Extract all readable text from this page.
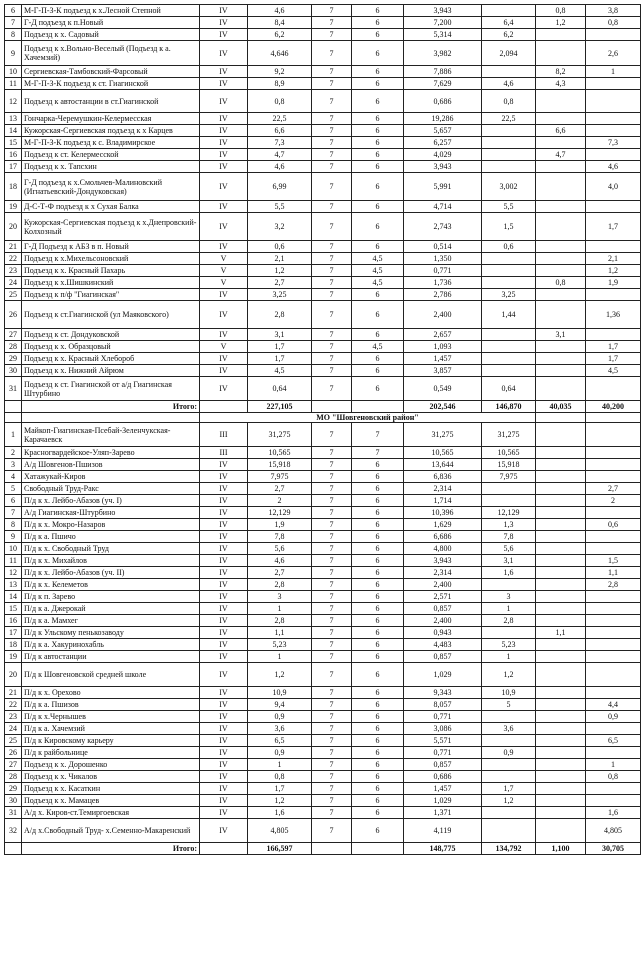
6	М-Г-П-З-К подъезд к х.Лесной Степной	IV	4,6	7	6	3,943		0,8	3,8
7	Г-Д подъезд к п.Новый	IV	8,4	7	6	7,200	6,4	1,2	0,8
8	Подъезд к х. Садовый	IV	6,2	7	6	5,314	6,2		
9	Подъезд к х.Вольно-Веселый (Подъезд к а. Хачемзий)	IV	4,646	7	6	3,982	2,094		2,6
10	Сергиевская-Тамбовский-Фарсовый	IV	9,2	7	6	7,886		8,2	1
11	М-Г-П-З-К подъезд к ст. Гиагинской	IV	8,9	7	6	7,629	4,6	4,3	
12	Подъезд к автостанции в ст.Гиагинской	IV	0,8	7	6	0,686	0,8		
13	Гончарка-Черемушкин-Келермесская	IV	22,5	7	6	19,286	22,5		
14	Кужорская-Сергиевская подъезд к х Карцев	IV	6,6	7	6	5,657		6,6	
15	М-Г-П-З-К подъезд к с. Владимирское	IV	7,3	7	6	6,257			7,3
16	Подъезд к ст. Келермесской	IV	4,7	7	6	4,029		4,7	
17	Подъезд к х. Тапсхин	IV	4,6	7	6	3,943			4,6
18	Г-Д подъезд к х.Смольчев-Малиновский (Игнатьевский-Дондуковская)	IV	6,99	7	6	5,991	3,002		4,0
19	Д-С-Т-Ф подъезд к х Сухая Балка	IV	5,5	7	6	4,714	5,5		
20	Кужорская-Сергиевская подъезд к х.Днепровский-Колхозный	IV	3,2	7	6	2,743	1,5		1,7
21	Г-Д Подъезд к АБЗ в п. Новый	IV	0,6	7	6	0,514	0,6		
22	Подъезд к х.Михельсоновский	V	2,1	7	4,5	1,350			2,1
23	Подъезд к х. Красный Пахарь	V	1,2	7	4,5	0,771			1,2
24	Подъезд к х.Шишкинский	V	2,7	7	4,5	1,736		0,8	1,9
25	Подъезд к п/ф "Гиагинская"	IV	3,25	7	6	2,786	3,25		
26	Подъезд к ст.Гиагинской (ул Маяковского)	IV	2,8	7	6	2,400	1,44		1,36
27	Подъезд к ст. Дондуковской	IV	3,1	7	6	2,657		3,1	
28	Подъезд к х. Образцовый	V	1,7	7	4,5	1,093			1,7
29	Подъезд к х. Красный Хлебороб	IV	1,7	7	6	1,457			1,7
30	Подъезд к х. Нижний Айрюм	IV	4,5	7	6	3,857			4,5
31	Подъезд к ст. Гиагинской от а/д Гиагинская Штурбино	IV	0,64	7	6	0,549	0,64		
	Итого:		227,105			202,546	146,870	40,035	40,200
		МО "Шовгеновский район"							
1	Майкоп-Гиагинская-Псебай-Зеленчукская-Карачаевск	III	31,275	7	7	31,275	31,275		
2	Красногвардейское-Уляп-Зарево	III	10,565	7	7	10,565	10,565		
3	А/д Шовгенов-Пшизов	IV	15,918	7	6	13,644	15,918		
4	Хатажукай-Киров	IV	7,975	7	6	6,836	7,975		
5	Свободный Труд-Ракс	IV	2,7	7	6	2,314			2,7
6	П/д к х. Лейбо-Абазов (уч. I)	IV	2	7	6	1,714			2
7	А/д Гиагинская-Штурбино	IV	12,129	7	6	10,396	12,129		
8	П/д к х. Мокро-Назаров	IV	1,9	7	6	1,629	1,3		0,6
9	П/д к а. Пшичо	IV	7,8	7	6	6,686	7,8		
10	П/д к х. Свободный Труд	IV	5,6	7	6	4,800	5,6		
11	П/д к х. Михайлов	IV	4,6	7	6	3,943	3,1		1,5
12	П/д к х. Лейбо-Абазов (уч. II)	IV	2,7	7	6	2,314	1,6		1,1
13	П/д к х. Келеметов	IV	2,8	7	6	2,400			2,8
14	П/д к п. Зарево	IV	3	7	6	2,571	3		
15	П/д к а. Джерокай	IV	1	7	6	0,857	1		
16	П/д к а. Мамхег	IV	2,8	7	6	2,400	2,8		
17	П/д к Ульскому пенькозаводу	IV	1,1	7	6	0,943		1,1	
18	П/д к а. Хакуринохабль	IV	5,23	7	6	4,483	5,23		
19	П/д к автостанции	IV	1	7	6	0,857	1		
20	П/д к Шовгеновской средней школе	IV	1,2	7	6	1,029	1,2		
21	П/д к х. Орехово	IV	10,9	7	6	9,343	10,9		
22	П/д к а. Пшизов	IV	9,4	7	6	8,057	5		4,4
23	П/д к х.Чернышев	IV	0,9	7	6	0,771			0,9
24	П/д к а. Хачемзий	IV	3,6	7	6	3,086	3,6		
25	П/д к Кировскому карьеру	IV	6,5	7	6	5,571			6,5
26	П/д к райбольнице	IV	0,9	7	6	0,771	0,9		
27	Подъезд к х. Дорошенко	IV	1	7	6	0,857			1
28	Подъезд к х. Чикалов	IV	0,8	7	6	0,686			0,8
29	Подъезд к х. Касаткин	IV	1,7	7	6	1,457	1,7		
30	Подъезд к х. Мамацев	IV	1,2	7	6	1,029	1,2		
31	А/д х. Киров-ст.Темиргоевская	IV	1,6	7	6	1,371			1,6
32	А/д х.Свободный Труд- х.Семенно-Макаренский	IV	4,805	7	6	4,119			4,805
	Итого:		166,597			148,775	134,792	1,100	30,705
